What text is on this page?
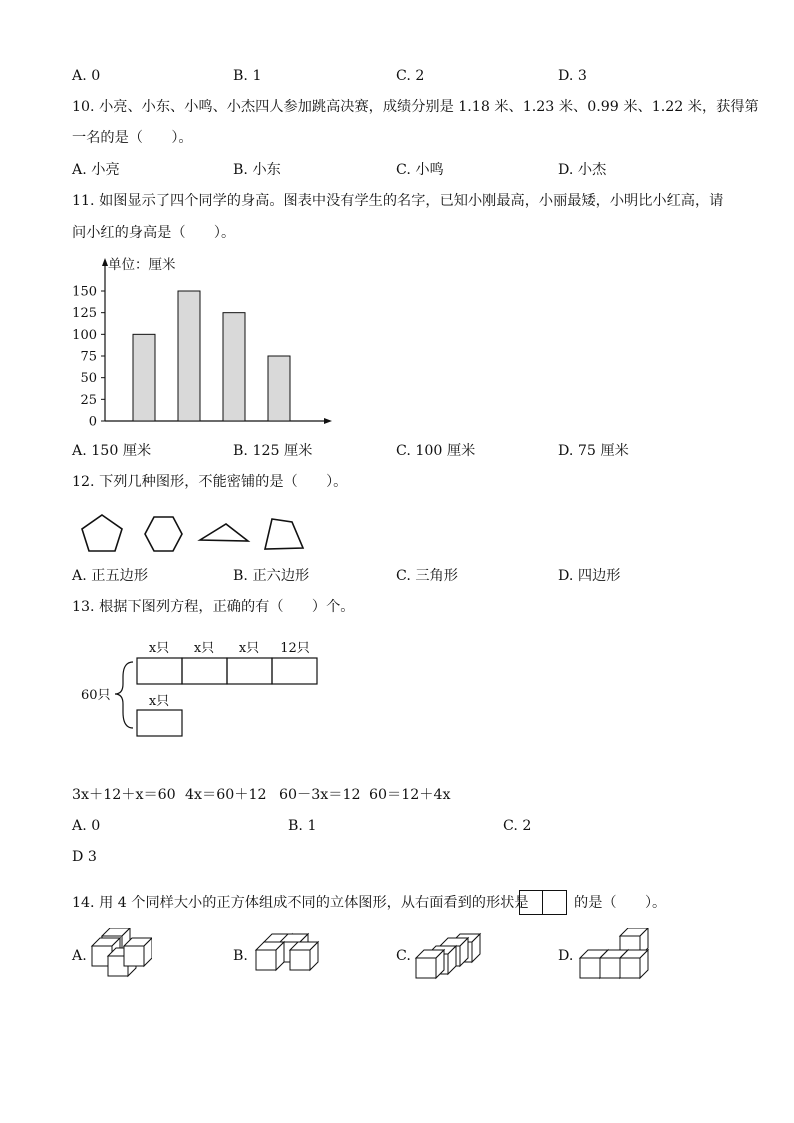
A. 0	B. 1	C. 2	D. 3
10. 小亮、小东、小鸣、小杰四人参加跳高决赛，成绩分别是 1.18 米、1.23 米、0.99 米、1.22 米，获得第
一名的是（　　）。
A. 小亮	B. 小东	C. 小鸣	D. 小杰
11. 如图显示了四个同学的身高。图表中没有学生的名字，已知小刚最高，小丽最矮，小明比小红高，请
问小红的身高是（　　）。
单位：厘米
0
25
50
75
100
125
150
A. 150 厘米	B. 125 厘米	C. 100 厘米	D. 75 厘米
12. 下列几种图形，不能密铺的是（　　）。
A. 正五边形	B. 正六边形	C. 三角形	D. 四边形
13. 根据下图列方程，正确的有（　　）个。
x只 x只 x只 12只
x只
60只
3x＋12＋x＝60 4x＝60＋12 60－3x＝12 60＝12＋4x
A. 0	B. 1	C. 2
D 3
14. 用 4 个同样大小的正方体组成不同的立体图形，从右面看到的形状是	的是（　　）。
A.	B.	C.	D.
